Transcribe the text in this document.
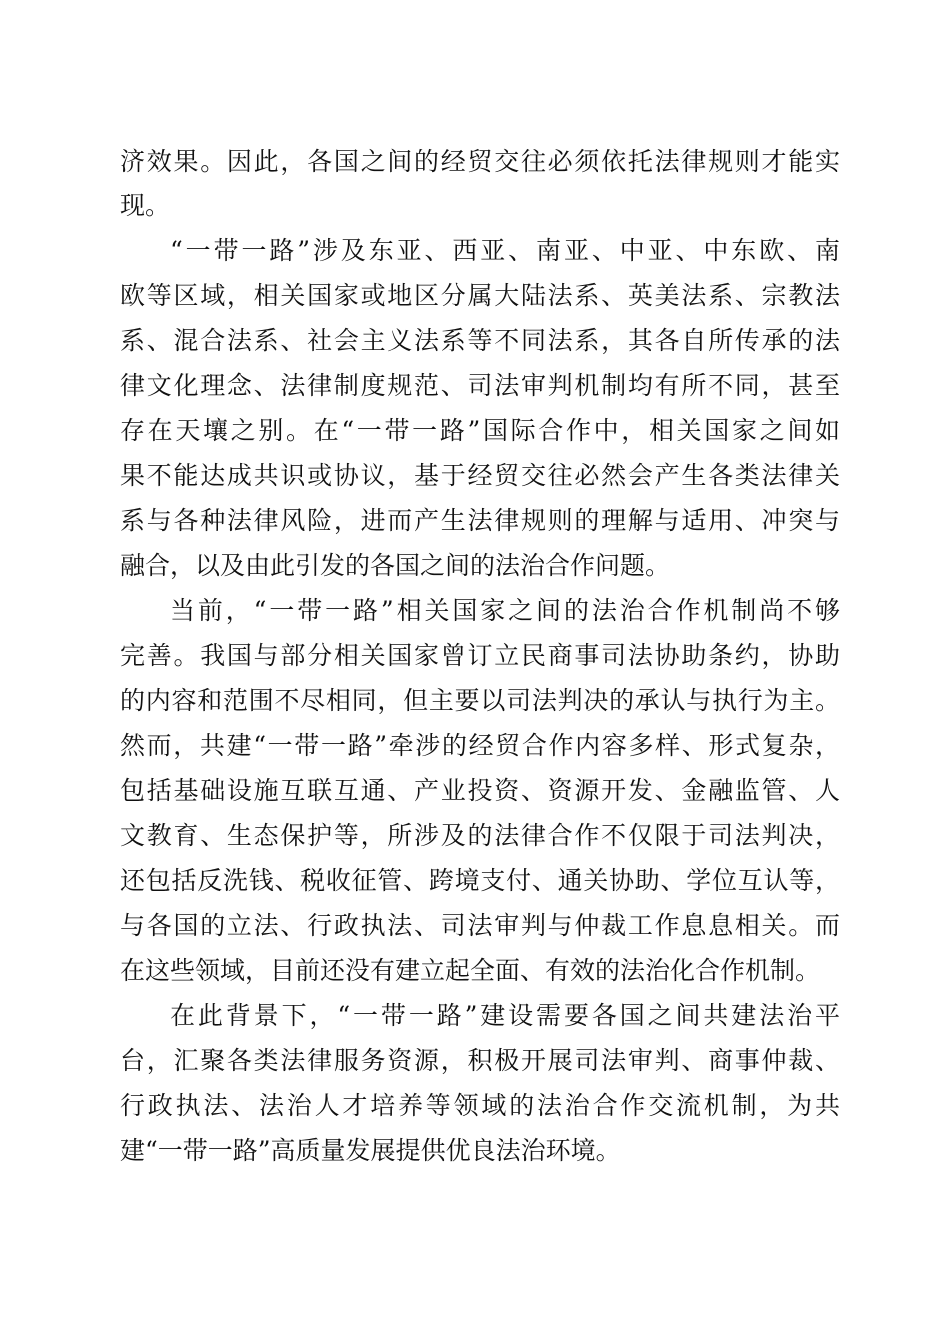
济效果。因此，各国之间的经贸交往必须依托法律规则才能实
现。
“一带一路”涉及东亚、西亚、南亚、中亚、中东欧、南
欧等区域，相关国家或地区分属大陆法系、英美法系、宗教法
系、混合法系、社会主义法系等不同法系，其各自所传承的法
律文化理念、法律制度规范、司法审判机制均有所不同，甚至
存在天壤之别。在“一带一路”国际合作中，相关国家之间如
果不能达成共识或协议，基于经贸交往必然会产生各类法律关
系与各种法律风险，进而产生法律规则的理解与适用、冲突与
融合，以及由此引发的各国之间的法治合作问题。
当前，“一带一路”相关国家之间的法治合作机制尚不够
完善。我国与部分相关国家曾订立民商事司法协助条约，协助
的内容和范围不尽相同，但主要以司法判决的承认与执行为主。
然而，共建“一带一路”牵涉的经贸合作内容多样、形式复杂，
包括基础设施互联互通、产业投资、资源开发、金融监管、人
文教育、生态保护等，所涉及的法律合作不仅限于司法判决，
还包括反洗钱、税收征管、跨境支付、通关协助、学位互认等，
与各国的立法、行政执法、司法审判与仲裁工作息息相关。而
在这些领域，目前还没有建立起全面、有效的法治化合作机制。
在此背景下，“一带一路”建设需要各国之间共建法治平
台，汇聚各类法律服务资源，积极开展司法审判、商事仲裁、
行政执法、法治人才培养等领域的法治合作交流机制，为共
建“一带一路”高质量发展提供优良法治环境。
